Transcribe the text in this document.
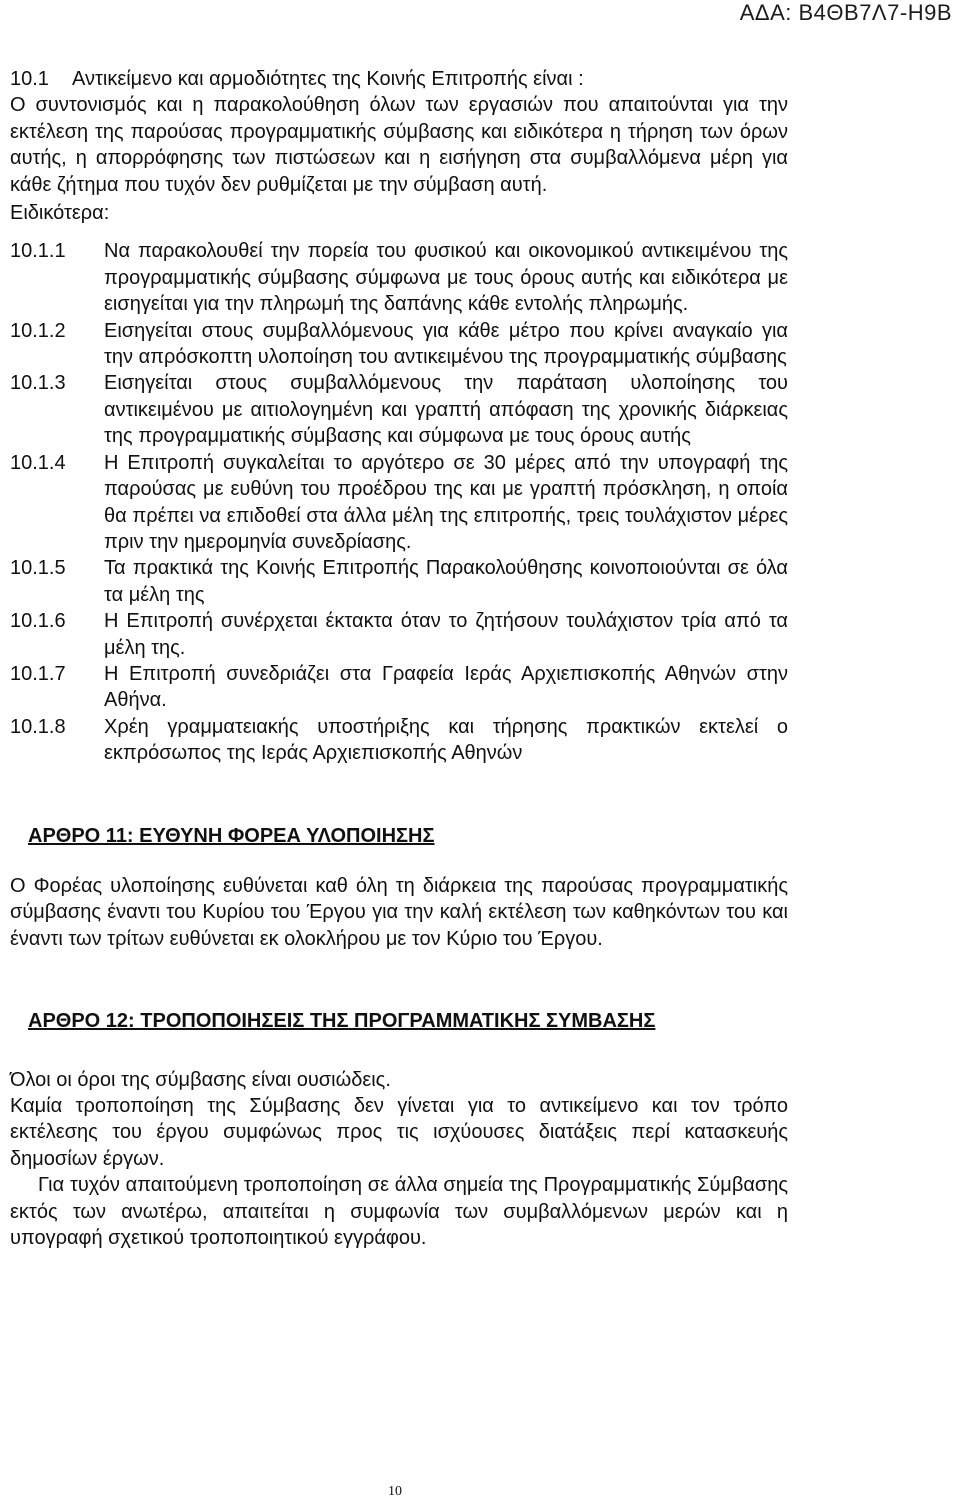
ΑΔΑ: Β4ΘΒ7Λ7-Η9Β
10.1	Αντικείμενο και αρμοδιότητες της Κοινής Επιτροπής είναι :

Ο συντονισμός και η παρακολούθηση όλων των εργασιών που απαιτούνται για την εκτέλεση της παρούσας προγραμματικής σύμβασης και ειδικότερα η τήρηση των όρων αυτής, η απορρόφησης των πιστώσεων και η εισήγηση στα συμβαλλόμενα μέρη για κάθε ζήτημα που τυχόν δεν ρυθμίζεται με την σύμβαση αυτή.

Ειδικότερα:

10.1.1	Να παρακολουθεί την πορεία του φυσικού και οικονομικού αντικειμένου της προγραμματικής σύμβασης σύμφωνα με τους όρους αυτής και ειδικότερα με εισηγείται για την πληρωμή της δαπάνης κάθε εντολής πληρωμής.
10.1.2	Εισηγείται στους συμβαλλόμενους για κάθε μέτρο που κρίνει αναγκαίο για την απρόσκοπτη υλοποίηση του αντικειμένου της προγραμματικής σύμβασης
10.1.3	Εισηγείται στους συμβαλλόμενους την παράταση υλοποίησης του αντικειμένου με αιτιολογημένη και γραπτή απόφαση της χρονικής διάρκειας της προγραμματικής σύμβασης και σύμφωνα με τους όρους αυτής
10.1.4	Η Επιτροπή συγκαλείται το αργότερο σε 30 μέρες από την υπογραφή της παρούσας με ευθύνη του προέδρου της και με γραπτή πρόσκληση, η οποία θα πρέπει να επιδοθεί στα άλλα μέλη της επιτροπής, τρεις τουλάχιστον μέρες πριν την ημερομηνία συνεδρίασης.
10.1.5	Τα πρακτικά της Κοινής Επιτροπής Παρακολούθησης κοινοποιούνται σε όλα τα μέλη της
10.1.6	Η Επιτροπή συνέρχεται έκτακτα όταν το ζητήσουν τουλάχιστον τρία από τα μέλη της.
10.1.7	Η Επιτροπή συνεδριάζει στα Γραφεία Ιεράς Αρχιεπισκοπής Αθηνών στην Αθήνα.
10.1.8	Χρέη γραμματειακής υποστήριξης και τήρησης πρακτικών εκτελεί ο εκπρόσωπος της Ιεράς Αρχιεπισκοπής Αθηνών

ΑΡΘΡΟ 11: ΕΥΘΥΝΗ ΦΟΡΕΑ ΥΛΟΠΟΙΗΣΗΣ

Ο Φορέας υλοποίησης ευθύνεται καθ όλη τη διάρκεια της παρούσας προγραμματικής σύμβασης έναντι του Κυρίου του Έργου για την καλή εκτέλεση των καθηκόντων του και έναντι των τρίτων ευθύνεται εκ ολοκλήρου με τον Κύριο του Έργου.

ΑΡΘΡΟ 12: ΤΡΟΠΟΠΟΙΗΣΕΙΣ ΤΗΣ ΠΡΟΓΡΑΜΜΑΤΙΚΗΣ ΣΥΜΒΑΣΗΣ

Όλοι οι όροι της σύμβασης είναι ουσιώδεις.

Καμία τροποποίηση της Σύμβασης δεν γίνεται για το αντικείμενο και τον τρόπο εκτέλεσης του έργου συμφώνως προς τις ισχύουσες διατάξεις περί κατασκευής δημοσίων έργων.

Για τυχόν απαιτούμενη τροποποίηση σε άλλα σημεία της Προγραμματικής Σύμβασης εκτός των ανωτέρω, απαιτείται η συμφωνία των συμβαλλόμενων μερών και η υπογραφή σχετικού τροποποιητικού εγγράφου.

10
